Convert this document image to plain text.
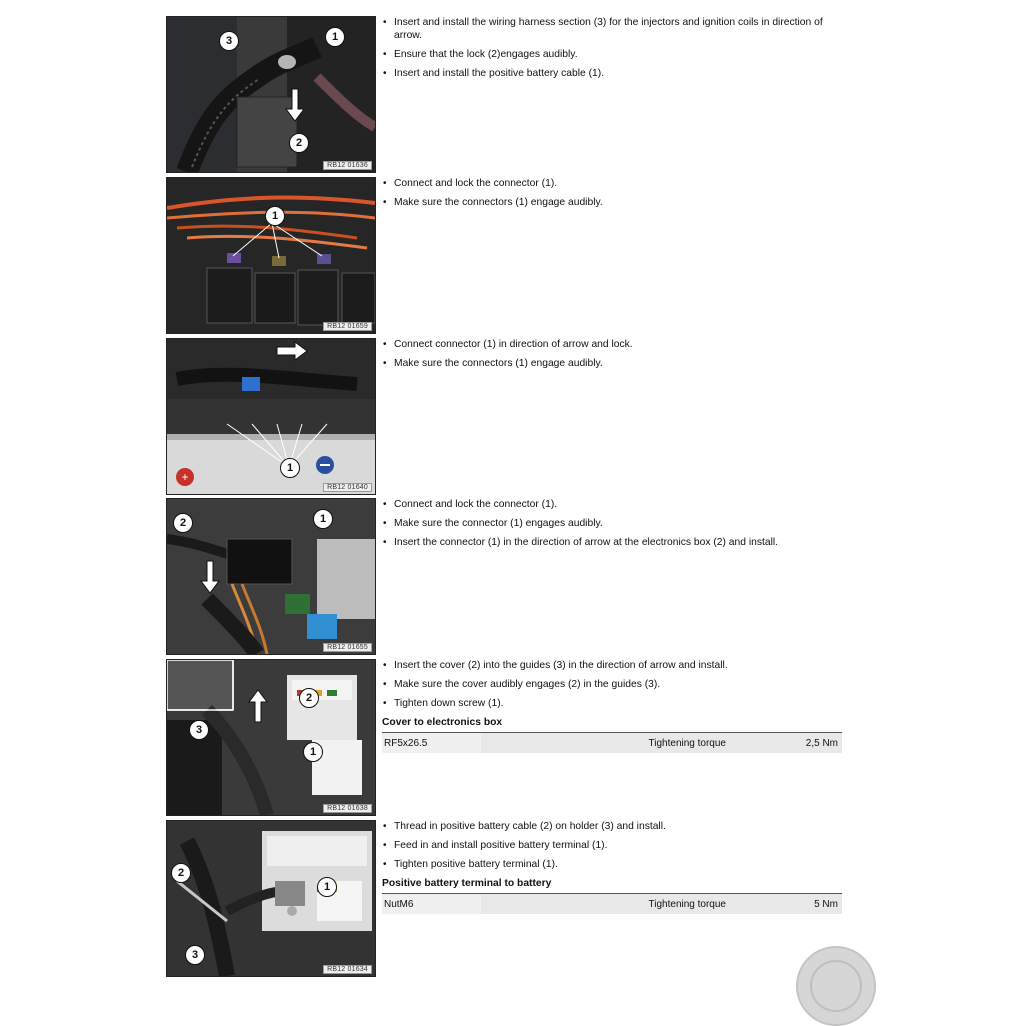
3	1
2
RB12 01636
• Insert and install the wiring harness section (3) for the injectors and ignition coils in direction of arrow.
• Ensure that the lock (2)engages audibly.
• Insert and install the positive battery cable (1).
1
RB12 01659
• Connect and lock the connector (1).
• Make sure the connectors (1) engage audibly.
+
1
RB12 01640
• Connect connector (1) in direction of arrow and lock.
• Make sure the connectors (1) engage audibly.
2	1
RB12 01655
• Connect and lock the connector (1).
• Make sure the connector (1) engages audibly.
• Insert the connector (1) in the direction of arrow at the electronics box (2) and install.
3
2
1
RB12 01638
• Insert the cover (2) into the guides (3) in the direction of arrow and install.
• Make sure the cover audibly engages (2) in the guides (3).
• Tighten down screw (1).
Cover to electronics box
RF5x26.5	Tightening torque	2,5 Nm
2
1
3
RB12 01634
• Thread in positive battery cable (2) on holder (3) and install.
• Feed in and install positive battery terminal (1).
• Tighten positive battery terminal (1).
Positive battery terminal to battery
NutM6	Tightening torque	5 Nm
